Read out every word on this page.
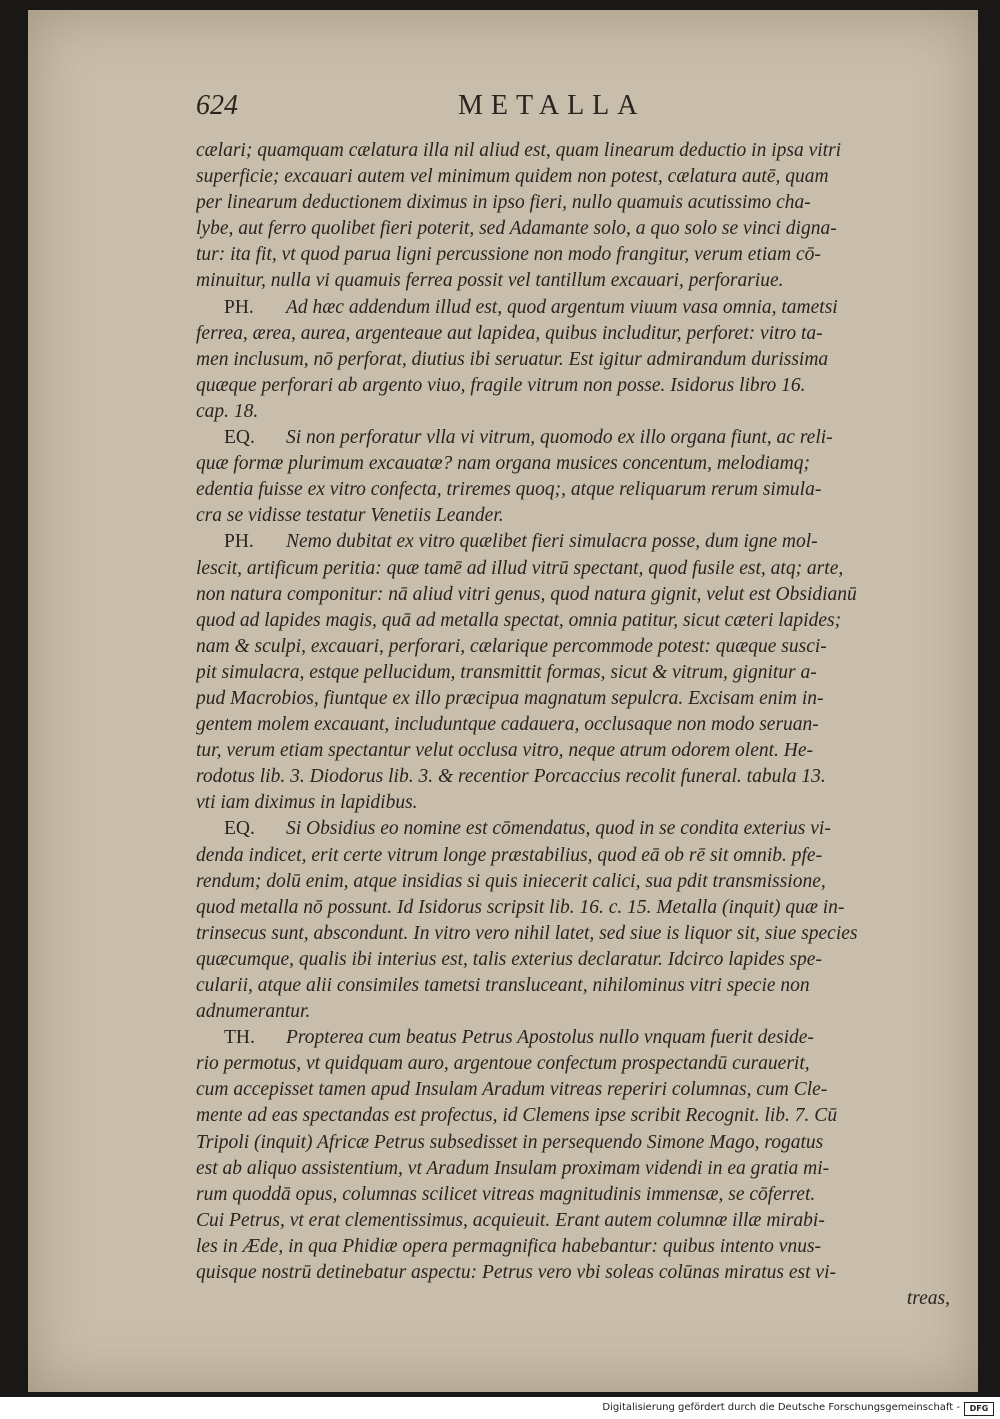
624	METALLA
cælari; quamquam cælatura illa nil aliud est, quam linearum deductio in ipsa vitri
superficie; excauari autem vel minimum quidem non potest, cælatura autē, quam
per linearum deductionem diximus in ipso fieri, nullo quamuis acutissimo cha-
lybe, aut ferro quolibet fieri poterit, sed Adamante solo, a quo solo se vinci digna-
tur: ita fit, vt quod parua ligni percussione non modo frangitur, verum etiam cō-
minuitur, nulla vi quamuis ferrea possit vel tantillum excauari, perforariue.
PH. Ad hæc addendum illud est, quod argentum viuum vasa omnia, tametsi
ferrea, ærea, aurea, argenteaue aut lapidea, quibus includitur, perforet: vitro ta-
men inclusum, nō perforat, diutius ibi seruatur. Est igitur admirandum durissima
quæque perforari ab argento viuo, fragile vitrum non posse. Isidorus libro 16.
cap. 18.
EQ. Si non perforatur vlla vi vitrum, quomodo ex illo organa fiunt, ac reli-
quæ formæ plurimum excauatæ? nam organa musices concentum, melodiamq;
edentia fuisse ex vitro confecta, triremes quoq;, atque reliquarum rerum simula-
cra se vidisse testatur Venetiis Leander.
PH. Nemo dubitat ex vitro quælibet fieri simulacra posse, dum igne mol-
lescit, artificum peritia: quæ tamē ad illud vitrū spectant, quod fusile est, atq; arte,
non natura componitur: nā aliud vitri genus, quod natura gignit, velut est Obsidianū
quod ad lapides magis, quā ad metalla spectat, omnia patitur, sicut cæteri lapides;
nam & sculpi, excauari, perforari, cælarique percommode potest: quæque susci-
pit simulacra, estque pellucidum, transmittit formas, sicut & vitrum, gignitur a-
pud Macrobios, fiuntque ex illo præcipua magnatum sepulcra. Excisam enim in-
gentem molem excauant, includuntque cadauera, occlusaque non modo seruan-
tur, verum etiam spectantur velut occlusa vitro, neque atrum odorem olent. He-
rodotus lib. 3. Diodorus lib. 3. & recentior Porcaccius recolit funeral. tabula 13.
vti iam diximus in lapidibus.
EQ. Si Obsidius eo nomine est cōmendatus, quod in se condita exterius vi-
denda indicet, erit certe vitrum longe præstabilius, quod eā ob rē sit omnib. pfe-
rendum; dolū enim, atque insidias si quis iniecerit calici, sua pdit transmissione,
quod metalla nō possunt. Id Isidorus scripsit lib. 16. c. 15. Metalla (inquit) quæ in-
trinsecus sunt, abscondunt. In vitro vero nihil latet, sed siue is liquor sit, siue species
quæcumque, qualis ibi interius est, talis exterius declaratur. Idcirco lapides spe-
cularii, atque alii consimiles tametsi transluceant, nihilominus vitri specie non
adnumerantur.
TH. Propterea cum beatus Petrus Apostolus nullo vnquam fuerit deside-
rio permotus, vt quidquam auro, argentoue confectum prospectandū curauerit,
cum accepisset tamen apud Insulam Aradum vitreas reperiri columnas, cum Cle-
mente ad eas spectandas est profectus, id Clemens ipse scribit Recognit. lib. 7. Cū
Tripoli (inquit) Africæ Petrus subsedisset in persequendo Simone Mago, rogatus
est ab aliquo assistentium, vt Aradum Insulam proximam videndi in ea gratia mi-
rum quoddā opus, columnas scilicet vitreas magnitudinis immensæ, se cōferret.
Cui Petrus, vt erat clementissimus, acquieuit. Erant autem columnæ illæ mirabi-
les in Æde, in qua Phidiæ opera permagnifica habebantur: quibus intento vnus-
quisque nostrū detinebatur aspectu: Petrus vero vbi soleas colūnas miratus est vi-
treas,
Digitalisierung gefördert durch die Deutsche Forschungsgemeinschaft -	DFG
